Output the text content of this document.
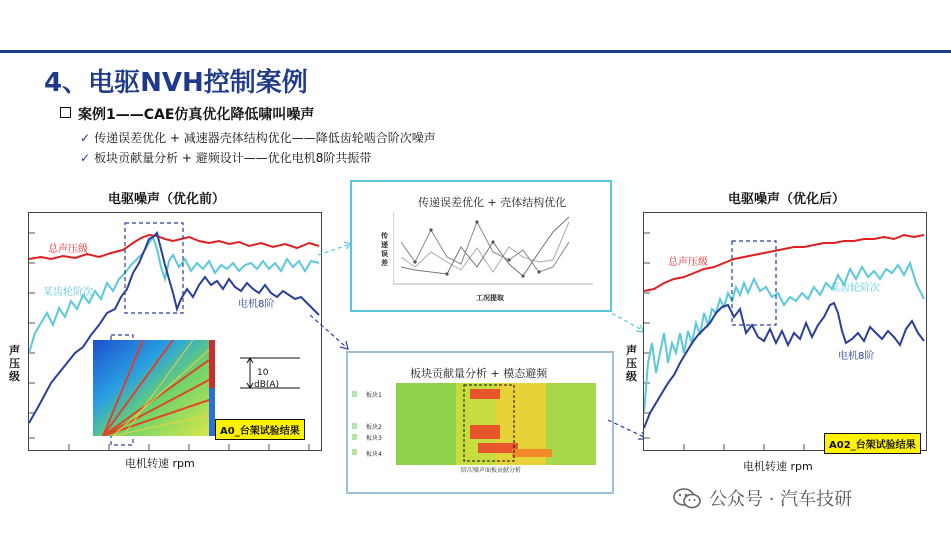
4、电驱NVH控制案例
案例1——CAE仿真优化降低啸叫噪声
✓ 传递误差优化 + 减速器壳体结构优化——降低齿轮啮合阶次噪声
✓ 板块贡献量分析 + 避频设计——优化电机8阶共振带
电驱噪声（优化前）
声压级
总声压级
某齿轮阶次
电机8阶
10
dB(A)
A0_台架试验结果
电机转速 rpm
传递误差优化 + 壳体结构优化
传递误差
工况提取
板块贡献量分析 + 模态避频
板块1
板块2
板块3
板块4
阶次噪声面板贡献分析
电驱噪声（优化后）
声压级
总声压级
某齿轮阶次
电机8阶
A02_台架试验结果
电机转速 rpm
公众号 · 汽车技研
